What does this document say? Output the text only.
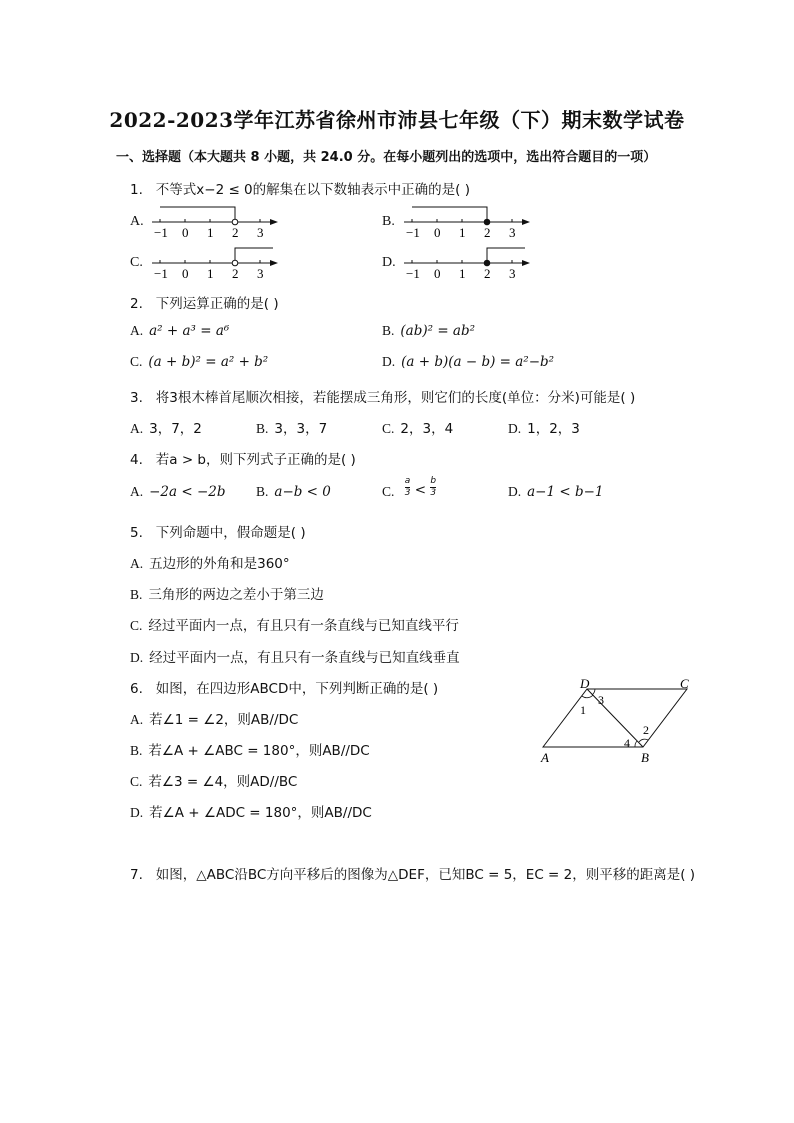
2022-2023学年江苏省徐州市沛县七年级（下）期末数学试卷
一、选择题（本大题共 8 小题，共 24.0 分。在每小题列出的选项中，选出符合题目的一项）
1. 不等式x−2 ≤ 0的解集在以下数轴表示中正确的是( )
A.
−1 0 1 2 3
B.
−1 0 1 2 3
C.
−1 0 1 2 3
D.
−1 0 1 2 3
2. 下列运算正确的是( )
A. a² + a³ = a⁶	B. (ab)² = ab²
C. (a + b)² = a² + b²	D. (a + b)(a − b) = a²−b²
3. 将3根木棒首尾顺次相接，若能摆成三角形，则它们的长度(单位：分米)可能是( )
A. 3，7，2	B. 3，3，7	C. 2，3，4	D. 1，2，3
4. 若a > b，则下列式子正确的是( )
A. −2a < −2b B. a−b < 0	C. $\frac{a}{3} < \frac{b}{3}$	D. a−1 < b−1
5. 下列命题中，假命题是( )
A. 五边形的外角和是360°
B. 三角形的两边之差小于第三边
C. 经过平面内一点，有且只有一条直线与已知直线平行
D. 经过平面内一点，有且只有一条直线与已知直线垂直
6. 如图，在四边形ABCD中，下列判断正确的是( )
A. 若∠1 = ∠2，则AB//DC
B. 若∠A + ∠ABC = 180°，则AB//DC
C. 若∠3 = ∠4，则AD//BC
D. 若∠A + ∠ADC = 180°，则AB//DC
D	C
A	B
1
3
2
4
7. 如图，△ABC沿BC方向平移后的图像为△DEF，已知BC = 5，EC = 2，则平移的距离是( )
